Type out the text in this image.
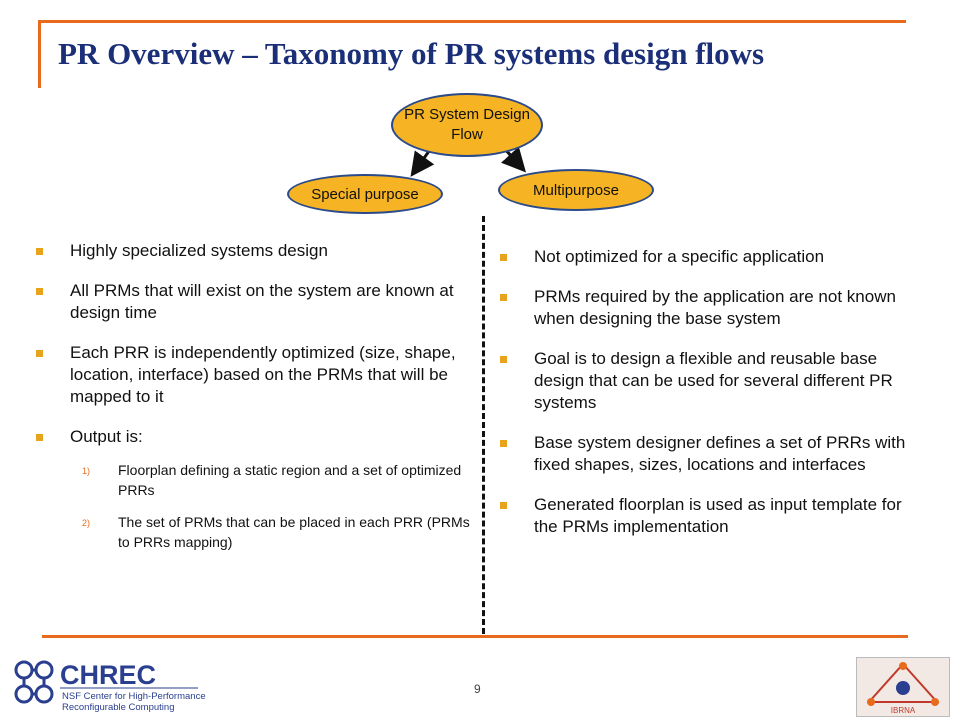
PR Overview – Taxonomy of PR systems design flows
PR System Design Flow
Special purpose	Multipurpose
Highly specialized systems design
All PRMs that will exist on the system are known at design time
Each PRR is independently optimized (size, shape, location, interface) based on the PRMs that will be mapped to it
Output is:
1) Floorplan defining a static region and a set of optimized PRRs
2) The set of PRMs that can be placed in each PRR (PRMs to PRRs mapping)
Not optimized for a specific application
PRMs required by the application are not known when designing the base system
Goal is to design a flexible and reusable base design that can be used for several different PR systems
Base system designer defines a set of PRRs with fixed shapes, sizes, locations and interfaces
Generated floorplan is used as input template for the PRMs implementation
9
CHREC
NSF Center for High-Performance
Reconfigurable Computing	IBRNA
